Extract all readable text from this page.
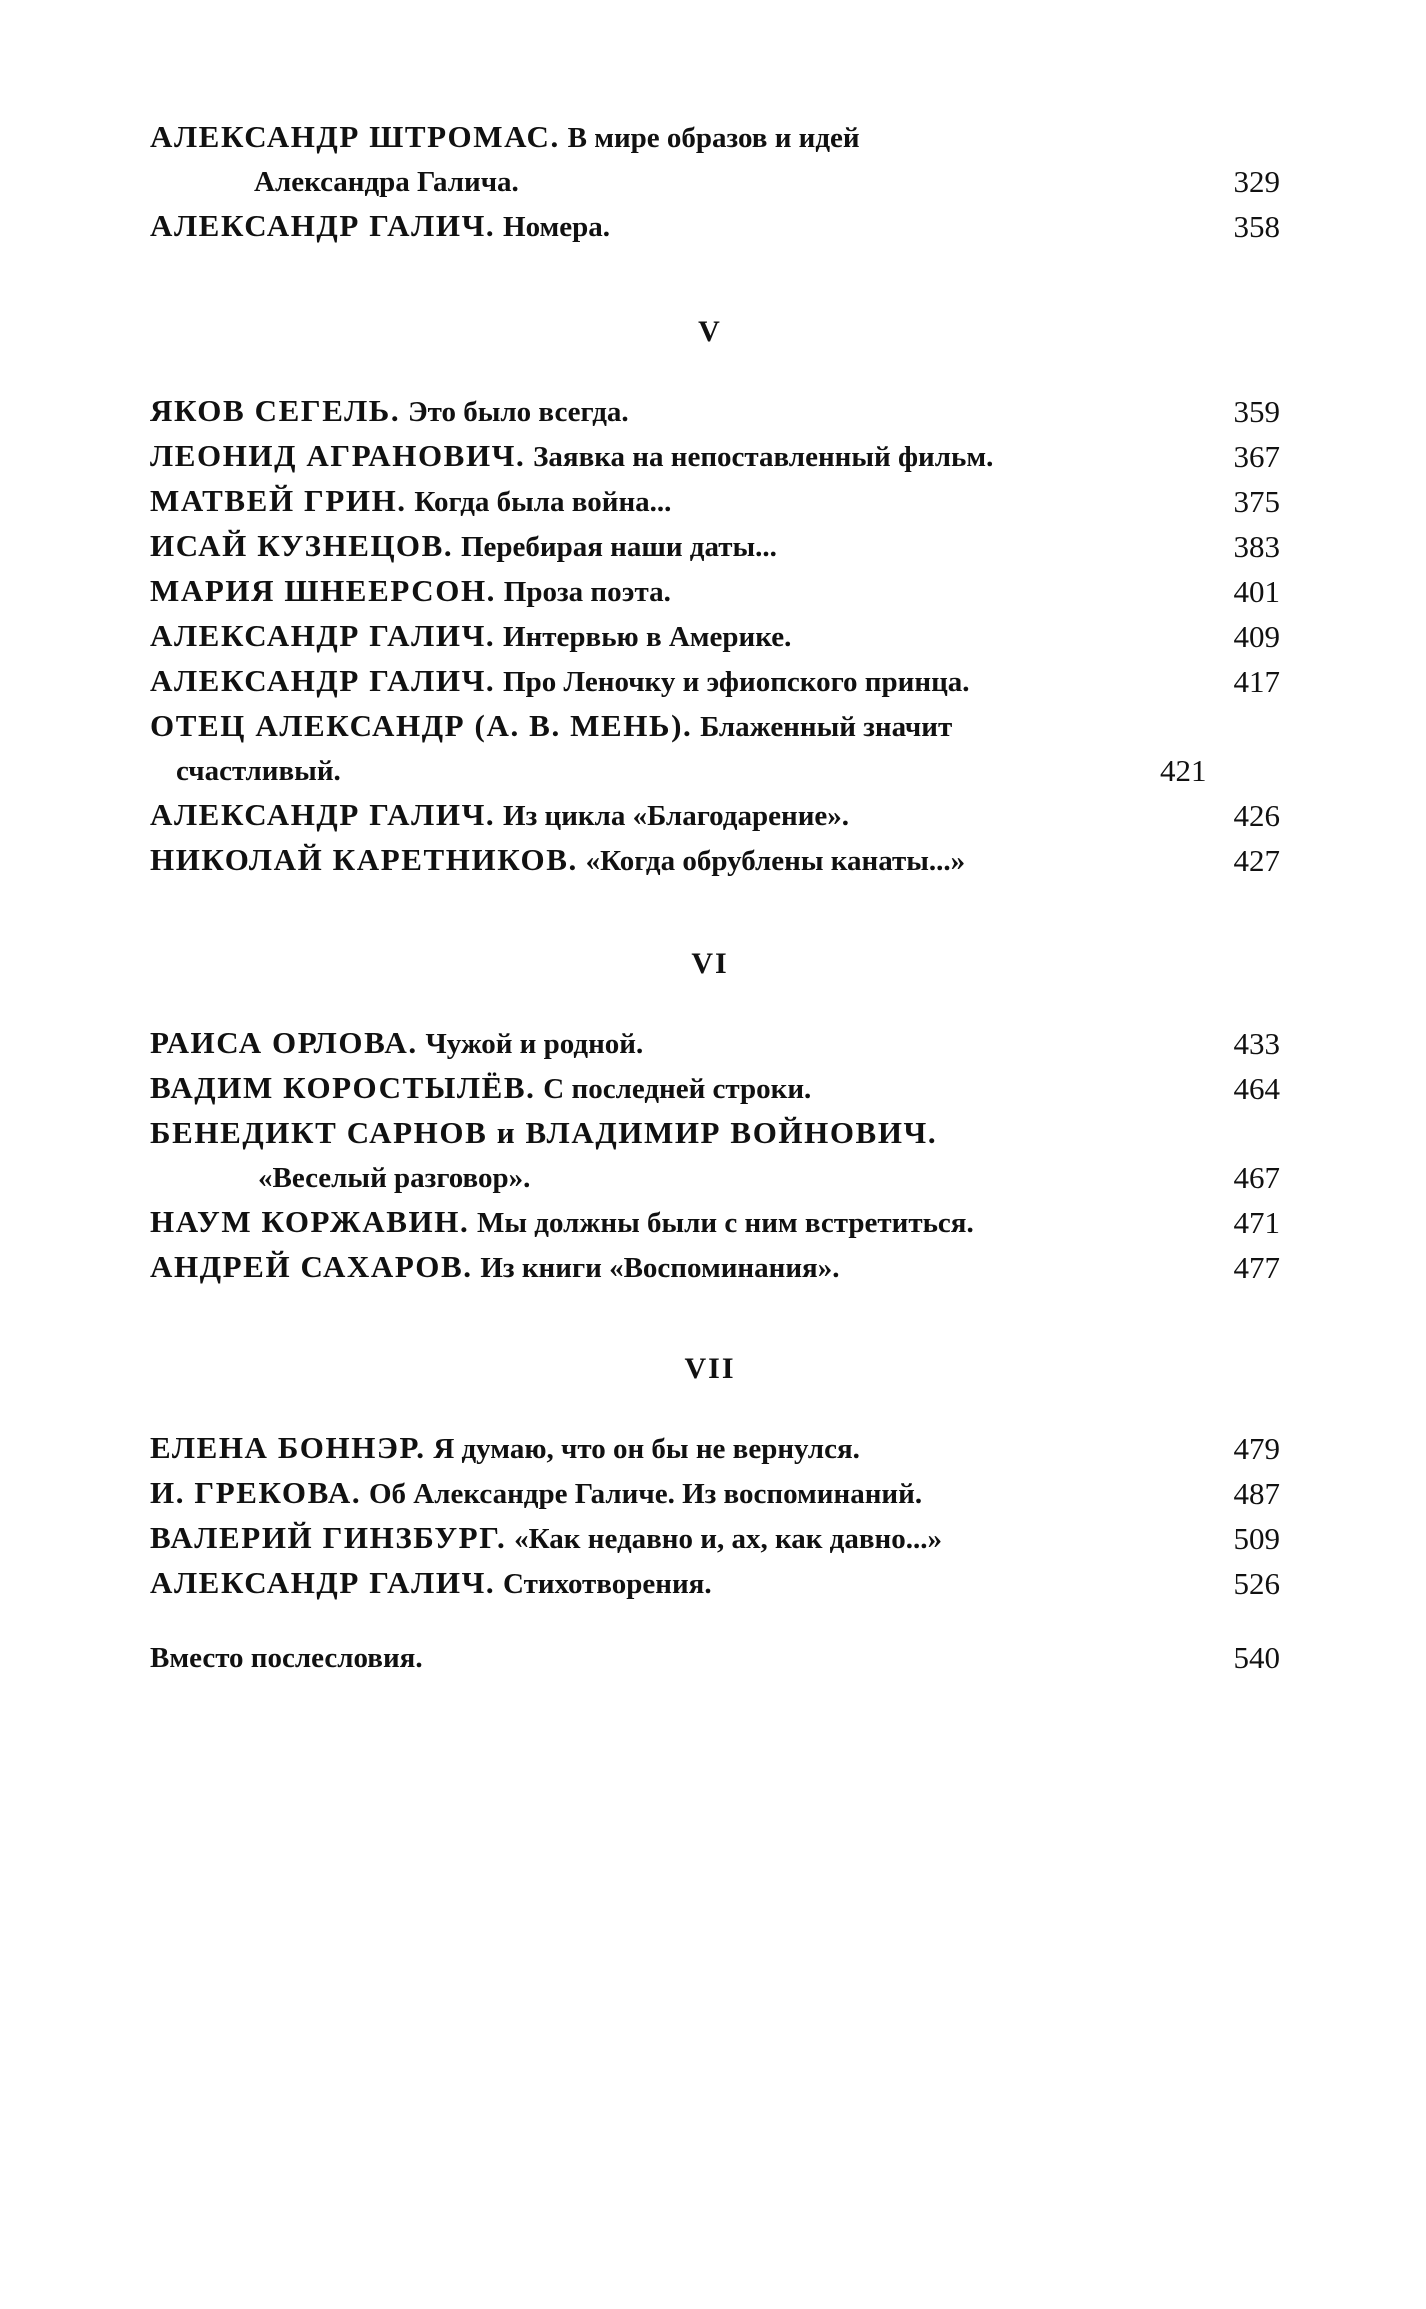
АЛЕКСАНДР ШТРОМАС. В мире образов и идей
Александра Галича.	329
АЛЕКСАНДР ГАЛИЧ. Номера.	358
V
ЯКОВ СЕГЕЛЬ. Это было всегда.	359
ЛЕОНИД АГРАНОВИЧ. Заявка на непоставленный фильм.	367
МАТВЕЙ ГРИН. Когда была война...	375
ИСАЙ КУЗНЕЦОВ. Перебирая наши даты...	383
МАРИЯ ШНЕЕРСОН. Проза поэта.	401
АЛЕКСАНДР ГАЛИЧ. Интервью в Америке.	409
АЛЕКСАНДР ГАЛИЧ. Про Леночку и эфиопского принца.	417
ОТЕЦ АЛЕКСАНДР (А. В. МЕНЬ). Блаженный значит
счастливый.	421
АЛЕКСАНДР ГАЛИЧ. Из цикла «Благодарение».	426
НИКОЛАЙ КАРЕТНИКОВ. «Когда обрублены канаты...»	427
VI
РАИСА ОРЛОВА. Чужой и родной.	433
ВАДИМ КОРОСТЫЛЁВ. С последней строки.	464
БЕНЕДИКТ САРНОВ и ВЛАДИМИР ВОЙНОВИЧ.
«Веселый разговор».	467
НАУМ КОРЖАВИН. Мы должны были с ним встретиться.	471
АНДРЕЙ САХАРОВ. Из книги «Воспоминания».	477
VII
ЕЛЕНА БОННЭР. Я думаю, что он бы не вернулся.	479
И. ГРЕКОВА. Об Александре Галиче. Из воспоминаний.	487
ВАЛЕРИЙ ГИНЗБУРГ. «Как недавно и, ах, как давно...»	509
АЛЕКСАНДР ГАЛИЧ. Стихотворения.	526
Вместо послесловия.	540
